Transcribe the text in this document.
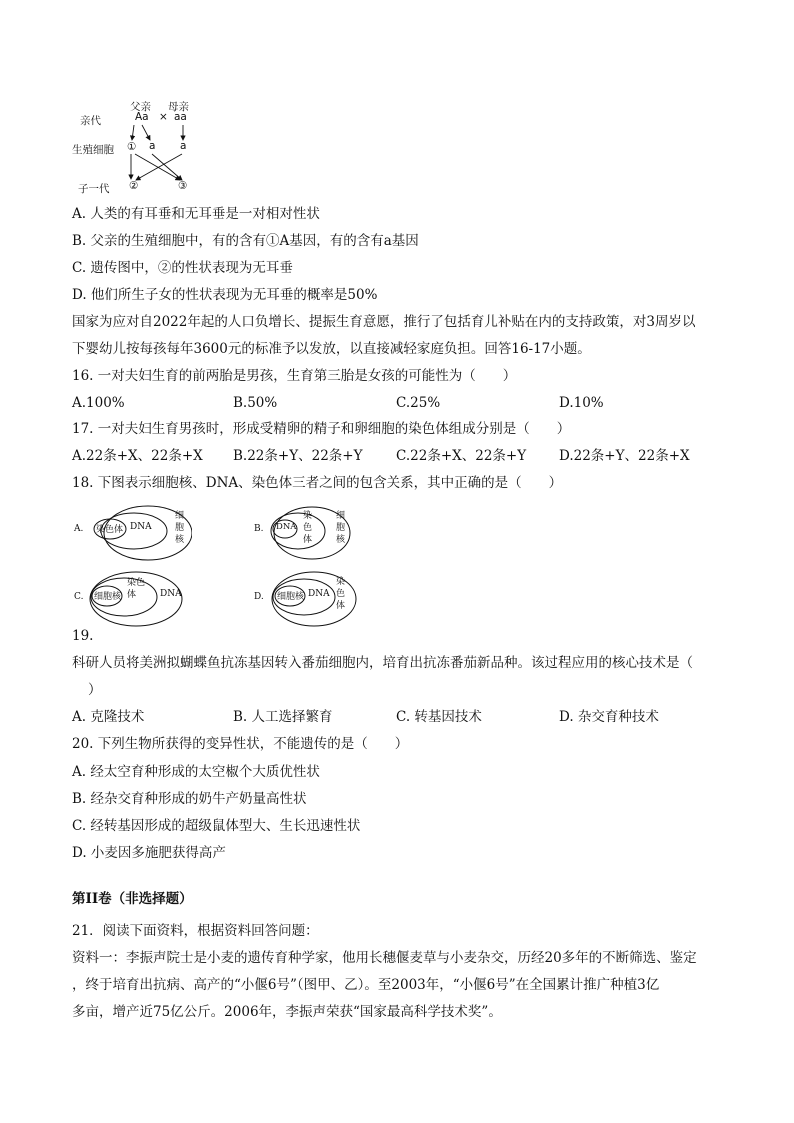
父亲 母亲
亲代	Aa × aa
生殖细胞 ① a a
子一代 ②	③
A. 人类的有耳垂和无耳垂是一对相对性状
B. 父亲的生殖细胞中，有的含有①A基因，有的含有a基因
C. 遗传图中，②的性状表现为无耳垂
D. 他们所生子女的性状表现为无耳垂的概率是50%
国家为应对自2022年起的人口负增长、提振生育意愿，推行了包括育儿补贴在内的支持政策，对3周岁以
下婴幼儿按每孩每年3600元的标准予以发放，以直接减轻家庭负担。回答16-17小题。
16. 一对夫妇生育的前两胎是男孩，生育第三胎是女孩的可能性为（　　）
A.100%	B.50%	C.25%	D.10%
17. 一对夫妇生育男孩时，形成受精卵的精子和卵细胞的染色体组成分别是（　　）
A.22条+X、22条+X B.22条+Y、22条+Y C.22条+X、22条+Y D.22条+Y、22条+X
18. 下图表示细胞核、DNA、染色体三者之间的包含关系，其中正确的是（　　）
A. 染色体 DNA
细胞核
B. DNA
染色体
细胞核
C. 细胞核
染色体	DNA	D. 细胞核 DNA
染色体
19.
科研人员将美洲拟蝴蝶鱼抗冻基因转入番茄细胞内，培育出抗冻番茄新品种。该过程应用的核心技术是（
）
A. 克隆技术	B. 人工选择繁育	C. 转基因技术	D. 杂交育种技术
20. 下列生物所获得的变异性状，不能遗传的是（　　）
A. 经太空育种形成的太空椒个大质优性状
B. 经杂交育种形成的奶牛产奶量高性状
C. 经转基因形成的超级鼠体型大、生长迅速性状
D. 小麦因多施肥获得高产
第II卷（非选择题）
21．阅读下面资料，根据资料回答问题：
资料一：李振声院士是小麦的遗传育种学家，他用长穗偃麦草与小麦杂交，历经20多年的不断筛选、鉴定
，终于培育出抗病、高产的“小偃6号”（图甲、乙）。至2003年，“小偃6号”在全国累计推广种植3亿
多亩，增产近75亿公斤。2006年，李振声荣获“国家最高科学技术奖”。
